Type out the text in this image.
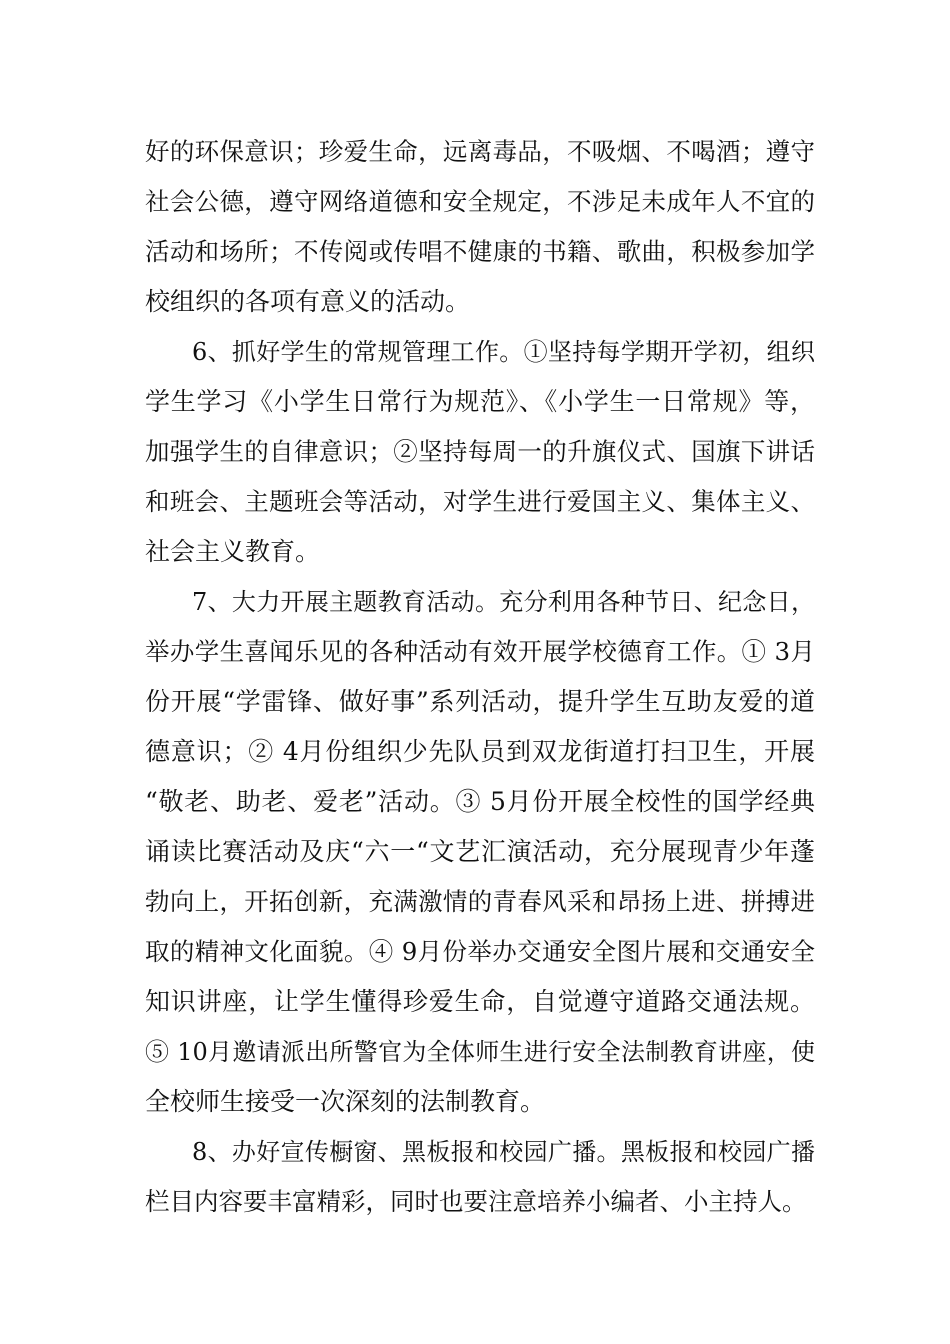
好的环保意识；珍爱生命，远离毒品，不吸烟、不喝酒；遵守
社会公德，遵守网络道德和安全规定，不涉足未成年人不宜的
活动和场所；不传阅或传唱不健康的书籍、歌曲，积极参加学
校组织的各项有意义的活动。
6、抓好学生的常规管理工作。①坚持每学期开学初，组织
学生学习《小学生日常行为规范》、《小学生一日常规》等，
加强学生的自律意识；②坚持每周一的升旗仪式、国旗下讲话
和班会、主题班会等活动，对学生进行爱国主义、集体主义、
社会主义教育。
7、大力开展主题教育活动。充分利用各种节日、纪念日，
举办学生喜闻乐见的各种活动有效开展学校德育工作。① 3月
份开展“学雷锋、做好事”系列活动，提升学生互助友爱的道
德意识；② 4月份组织少先队员到双龙街道打扫卫生，开展
“敬老、助老、爱老”活动。③ 5月份开展全校性的国学经典
诵读比赛活动及庆“六一“文艺汇演活动，充分展现青少年蓬
勃向上，开拓创新，充满激情的青春风采和昂扬上进、拼搏进
取的精神文化面貌。④ 9月份举办交通安全图片展和交通安全
知识讲座，让学生懂得珍爱生命，自觉遵守道路交通法规。
⑤ 10月邀请派出所警官为全体师生进行安全法制教育讲座，使
全校师生接受一次深刻的法制教育。
8、办好宣传橱窗、黑板报和校园广播。黑板报和校园广播
栏目内容要丰富精彩，同时也要注意培养小编者、小主持人。
